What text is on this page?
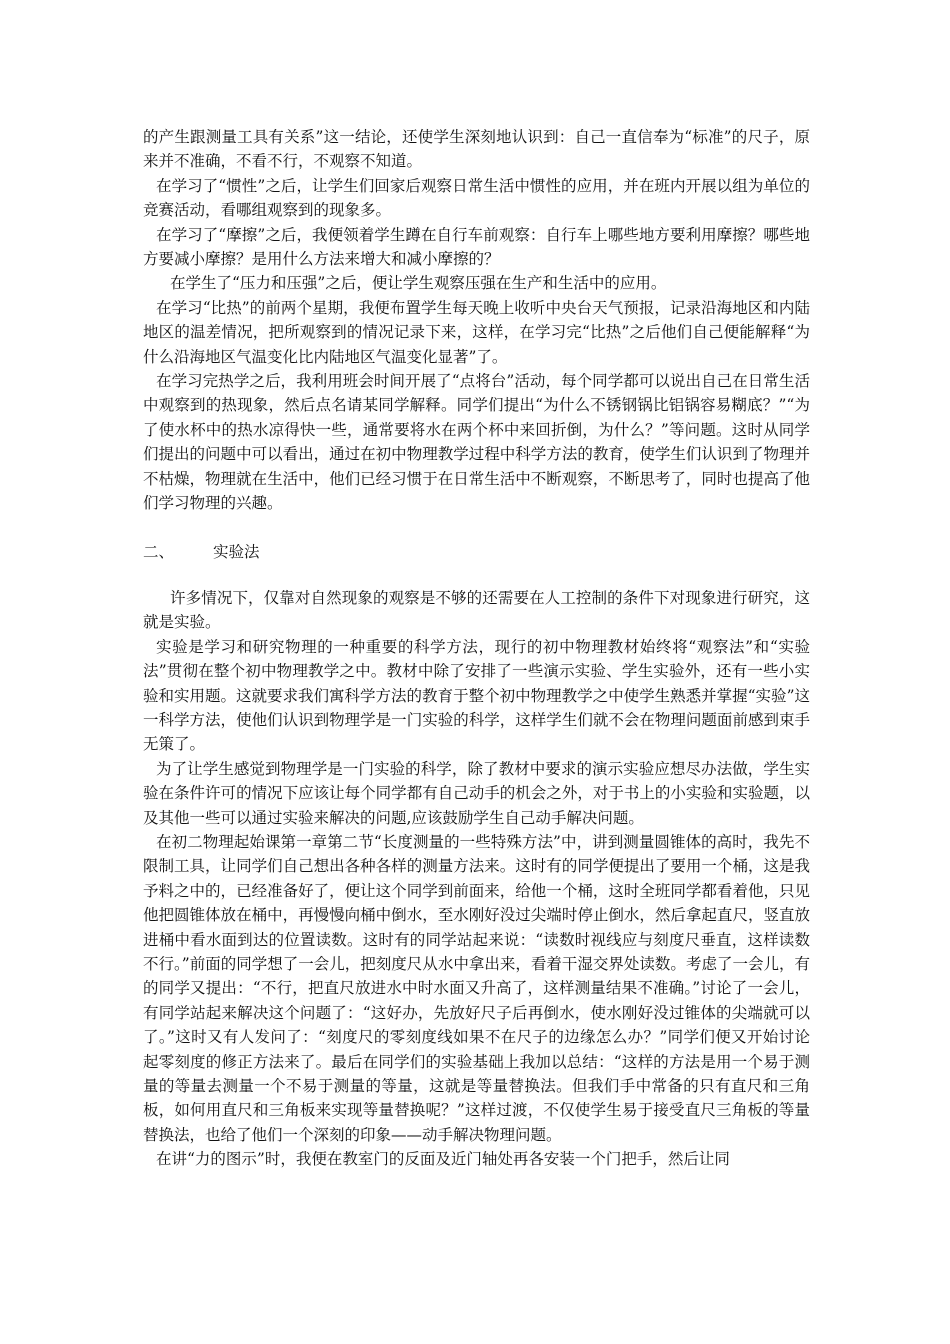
的产生跟测量工具有关系”这一结论，还使学生深刻地认识到：自己一直信奉为“标准”的尺子，原来并不准确，不看不行，不观察不知道。

在学习了“惯性”之后，让学生们回家后观察日常生活中惯性的应用，并在班内开展以组为单位的竞赛活动，看哪组观察到的现象多。

在学习了“摩擦”之后，我便领着学生蹲在自行车前观察：自行车上哪些地方要利用摩擦？哪些地方要减小摩擦？是用什么方法来增大和减小摩擦的？

在学生了“压力和压强”之后，便让学生观察压强在生产和生活中的应用。

在学习“比热”的前两个星期，我便布置学生每天晚上收听中央台天气预报，记录沿海地区和内陆地区的温差情况，把所观察到的情况记录下来，这样，在学习完“比热”之后他们自己便能解释“为什么沿海地区气温变化比内陆地区气温变化显著”了。

在学习完热学之后，我利用班会时间开展了“点将台”活动，每个同学都可以说出自己在日常生活中观察到的热现象，然后点名请某同学解释。同学们提出“为什么不锈钢锅比铝锅容易糊底？”“为了使水杯中的热水凉得快一些，通常要将水在两个杯中来回折倒，为什么？”等问题。这时从同学们提出的问题中可以看出，通过在初中物理教学过程中科学方法的教育，使学生们认识到了物理并不枯燥，物理就在生活中，他们已经习惯于在日常生活中不断观察，不断思考了，同时也提高了他们学习物理的兴趣。

二、	实验法

许多情况下，仅靠对自然现象的观察是不够的还需要在人工控制的条件下对现象进行研究，这就是实验。

实验是学习和研究物理的一种重要的科学方法，现行的初中物理教材始终将“观察法”和“实验法”贯彻在整个初中物理教学之中。教材中除了安排了一些演示实验、学生实验外，还有一些小实验和实用题。这就要求我们寓科学方法的教育于整个初中物理教学之中使学生熟悉并掌握“实验”这一科学方法，使他们认识到物理学是一门实验的科学，这样学生们就不会在物理问题面前感到束手无策了。

为了让学生感觉到物理学是一门实验的科学，除了教材中要求的演示实验应想尽办法做，学生实验在条件许可的情况下应该让每个同学都有自己动手的机会之外，对于书上的小实验和实验题，以及其他一些可以通过实验来解决的问题,应该鼓励学生自己动手解决问题。

在初二物理起始课第一章第二节“长度测量的一些特殊方法”中，讲到测量圆锥体的高时，我先不限制工具，让同学们自己想出各种各样的测量方法来。这时有的同学便提出了要用一个桶，这是我予料之中的，已经准备好了，便让这个同学到前面来，给他一个桶，这时全班同学都看着他，只见他把圆锥体放在桶中，再慢慢向桶中倒水，至水刚好没过尖端时停止倒水，然后拿起直尺，竖直放进桶中看水面到达的位置读数。这时有的同学站起来说：“读数时视线应与刻度尺垂直，这样读数不行。”前面的同学想了一会儿，把刻度尺从水中拿出来，看着干湿交界处读数。考虑了一会儿，有的同学又提出：“不行，把直尺放进水中时水面又升高了，这样测量结果不准确。”讨论了一会儿，有同学站起来解决这个问题了：“这好办，先放好尺子后再倒水，使水刚好没过锥体的尖端就可以了。”这时又有人发问了：“刻度尺的零刻度线如果不在尺子的边缘怎么办？”同学们便又开始讨论起零刻度的修正方法来了。最后在同学们的实验基础上我加以总结：“这样的方法是用一个易于测量的等量去测量一个不易于测量的等量，这就是等量替换法。但我们手中常备的只有直尺和三角板，如何用直尺和三角板来实现等量替换呢？”这样过渡，不仅使学生易于接受直尺三角板的等量替换法，也给了他们一个深刻的印象——动手解决物理问题。

在讲“力的图示”时，我便在教室门的反面及近门轴处再各安装一个门把手，然后让同
